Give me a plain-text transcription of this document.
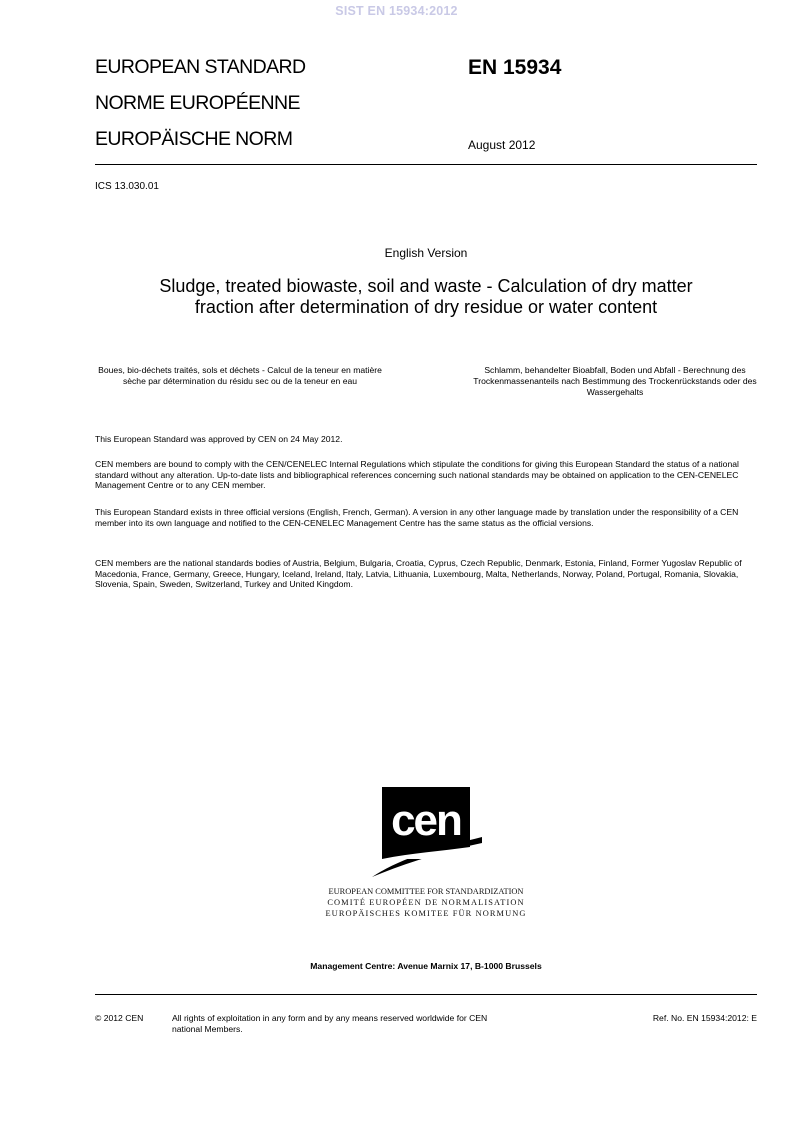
SIST EN 15934:2012
EUROPEAN STANDARD
NORME EUROPÉENNE
EUROPÄISCHE NORM
EN 15934
August 2012
ICS 13.030.01
English Version
Sludge, treated biowaste, soil and waste - Calculation of dry matter fraction after determination of dry residue or water content
Boues, bio-déchets traités, sols et déchets - Calcul de la teneur en matière sèche par détermination du résidu sec ou de la teneur en eau
Schlamm, behandelter Bioabfall, Boden und Abfall - Berechnung des Trockenmassenanteils nach Bestimmung des Trockenrückstands oder des Wassergehalts
This European Standard was approved by CEN on 24 May 2012.
CEN members are bound to comply with the CEN/CENELEC Internal Regulations which stipulate the conditions for giving this European Standard the status of a national standard without any alteration. Up-to-date lists and bibliographical references concerning such national standards may be obtained on application to the CEN-CENELEC Management Centre or to any CEN member.
This European Standard exists in three official versions (English, French, German). A version in any other language made by translation under the responsibility of a CEN member into its own language and notified to the CEN-CENELEC Management Centre has the same status as the official versions.
CEN members are the national standards bodies of Austria, Belgium, Bulgaria, Croatia, Cyprus, Czech Republic, Denmark, Estonia, Finland, Former Yugoslav Republic of Macedonia, France, Germany, Greece, Hungary, Iceland, Ireland, Italy, Latvia, Lithuania, Luxembourg, Malta, Netherlands, Norway, Poland, Portugal, Romania, Slovakia, Slovenia, Spain, Sweden, Switzerland, Turkey and United Kingdom.
cen
EUROPEAN COMMITTEE FOR STANDARDIZATION
COMITÉ EUROPÉEN DE NORMALISATION
EUROPÄISCHES KOMITEE FÜR NORMUNG
Management Centre: Avenue Marnix 17, B-1000 Brussels
© 2012 CEN	All rights of exploitation in any form and by any means reserved worldwide for CEN national Members.
Ref. No. EN 15934:2012: E
